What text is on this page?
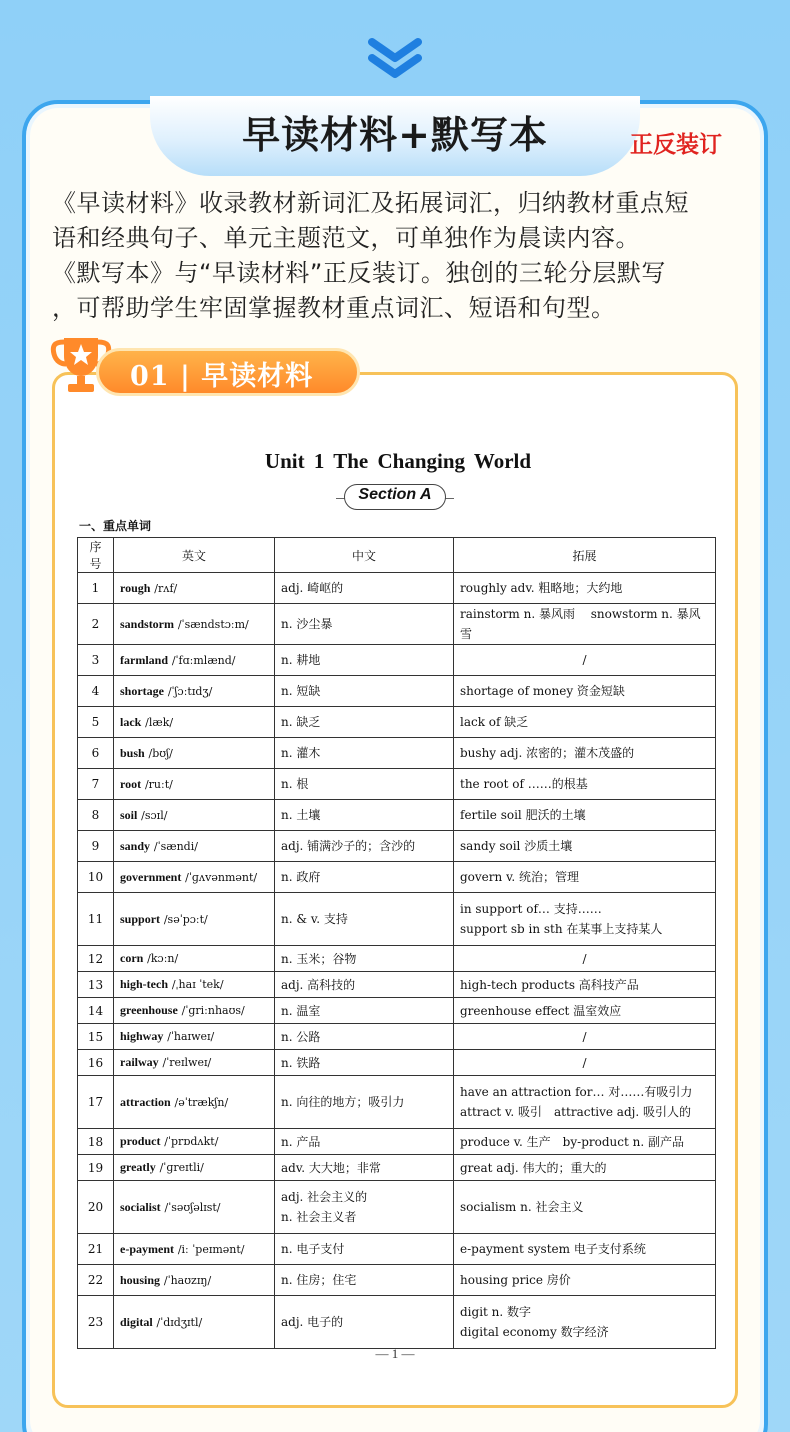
早读材料+默写本	正反装订

《早读材料》收录教材新词汇及拓展词汇，归纳教材重点短

语和经典句子、单元主题范文，可单独作为晨读内容。

《默写本》与“早读材料”正反装订。独创的三轮分层默写

，可帮助学生牢固掌握教材重点词汇、短语和句型。

01 | 早读材料
Unit 1 The Changing World
Section A
一、重点单词
序号	英文	中文	拓展
1	rough /rʌf/	adj. 崎岖的	roughly adv. 粗略地；大约地

2	sandstorm /ˈsændstɔːm/	n. 沙尘暴	rainstorm n. 暴风雨　 snowstorm n. 暴风雪

3	farmland /ˈfɑːmlænd/	n. 耕地	/

4	shortage /ˈʃɔːtɪdʒ/	n. 短缺	shortage of money 资金短缺

5	lack /læk/	n. 缺乏	lack of 缺乏

6	bush /bʊʃ/	n. 灌木	bushy adj. 浓密的；灌木茂盛的

7	root /ruːt/	n. 根	the root of ……的根基

8	soil /sɔɪl/	n. 土壤	fertile soil 肥沃的土壤

9	sandy /ˈsændi/	adj. 铺满沙子的；含沙的	sandy soil 沙质土壤

10	government /ˈɡʌvənmənt/	n. 政府	govern v. 统治；管理

11	support /səˈpɔːt/	n. & v. 支持	in support of… 支持……
support sb in sth 在某事上支持某人

12	corn /kɔːn/	n. 玉米；谷物	/

13	high-tech /ˌhaɪ ˈtek/	adj. 高科技的	high-tech products 高科技产品

14	greenhouse /ˈɡriːnhaʊs/	n. 温室	greenhouse effect 温室效应

15	highway /ˈhaɪweɪ/	n. 公路	/

16	railway /ˈreɪlweɪ/	n. 铁路	/

17	attraction /əˈtrækʃn/	n. 向往的地方；吸引力	have an attraction for… 对……有吸引力
attract v. 吸引　attractive adj. 吸引人的

18	product /ˈprɒdʌkt/	n. 产品	produce v. 生产　by-product n. 副产品

19	greatly /ˈɡreɪtli/	adv. 大大地；非常	great adj. 伟大的；重大的

20	socialist /ˈsəʊʃəlɪst/	adj. 社会主义的
n. 社会主义者	socialism n. 社会主义

21	e-payment /iː ˈpeɪmənt/	n. 电子支付	e-payment system 电子支付系统

22	housing /ˈhaʊzɪŋ/	n. 住房；住宅	housing price 房价

23	digital /ˈdɪdʒɪtl/	adj. 电子的	digit n. 数字
digital economy 数字经济
— 1 —
